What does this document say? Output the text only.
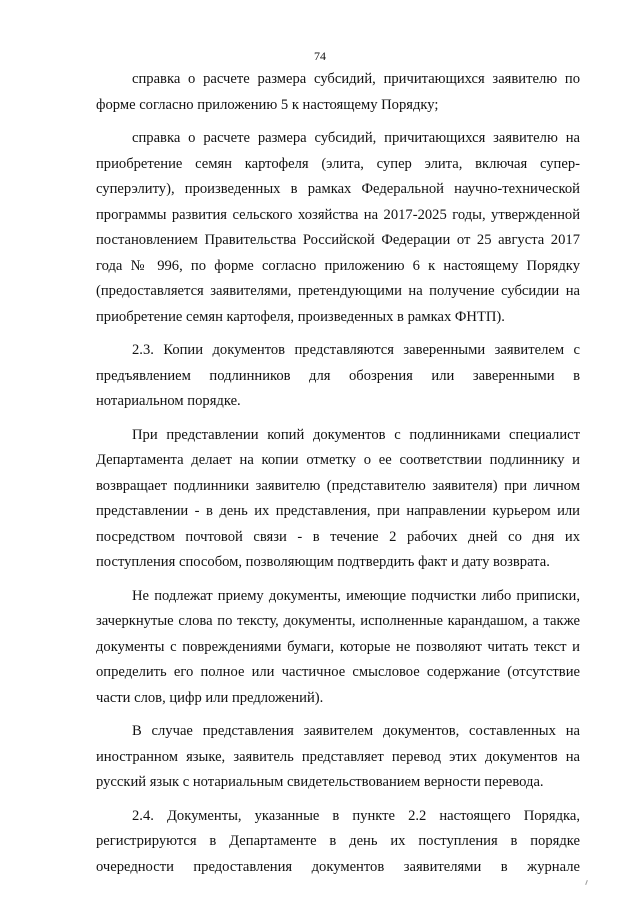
74

справка о расчете размера субсидий, причитающихся заявителю по
форме согласно приложению 5 к настоящему Порядку;

справка о расчете размера субсидий, причитающихся заявителю на
приобретение семян картофеля (элита, супер элита, включая супер-
суперэлиту), произведенных в рамках Федеральной научно-технической
программы развития сельского хозяйства на 2017-2025 годы, утвержденной
постановлением Правительства Российской Федерации от 25 августа 2017
года № 996, по форме согласно приложению 6 к настоящему Порядку
(предоставляется заявителями, претендующими на получение субсидии на
приобретение семян картофеля, произведенных в рамках ФНТП).

2.3. Копии документов представляются заверенными заявителем с
предъявлением подлинников для обозрения или заверенными в
нотариальном порядке.

При представлении копий документов с подлинниками специалист
Департамента делает на копии отметку о ее соответствии подлиннику и
возвращает подлинники заявителю (представителю заявителя) при личном
представлении - в день их представления, при направлении курьером или
посредством почтовой связи - в течение 2 рабочих дней со дня их
поступления способом, позволяющим подтвердить факт и дату возврата.

Не подлежат приему документы, имеющие подчистки либо приписки,
зачеркнутые слова по тексту, документы, исполненные карандашом, а также
документы с повреждениями бумаги, которые не позволяют читать текст и
определить его полное или частичное смысловое содержание (отсутствие
части слов, цифр или предложений).

В случае представления заявителем документов, составленных на
иностранном языке, заявитель представляет перевод этих документов на
русский язык с нотариальным свидетельствованием верности перевода.

2.4. Документы, указанные в пункте 2.2 настоящего Порядка,
регистрируются в Департаменте в день их поступления в порядке
очередности предоставления документов заявителями в журнале
